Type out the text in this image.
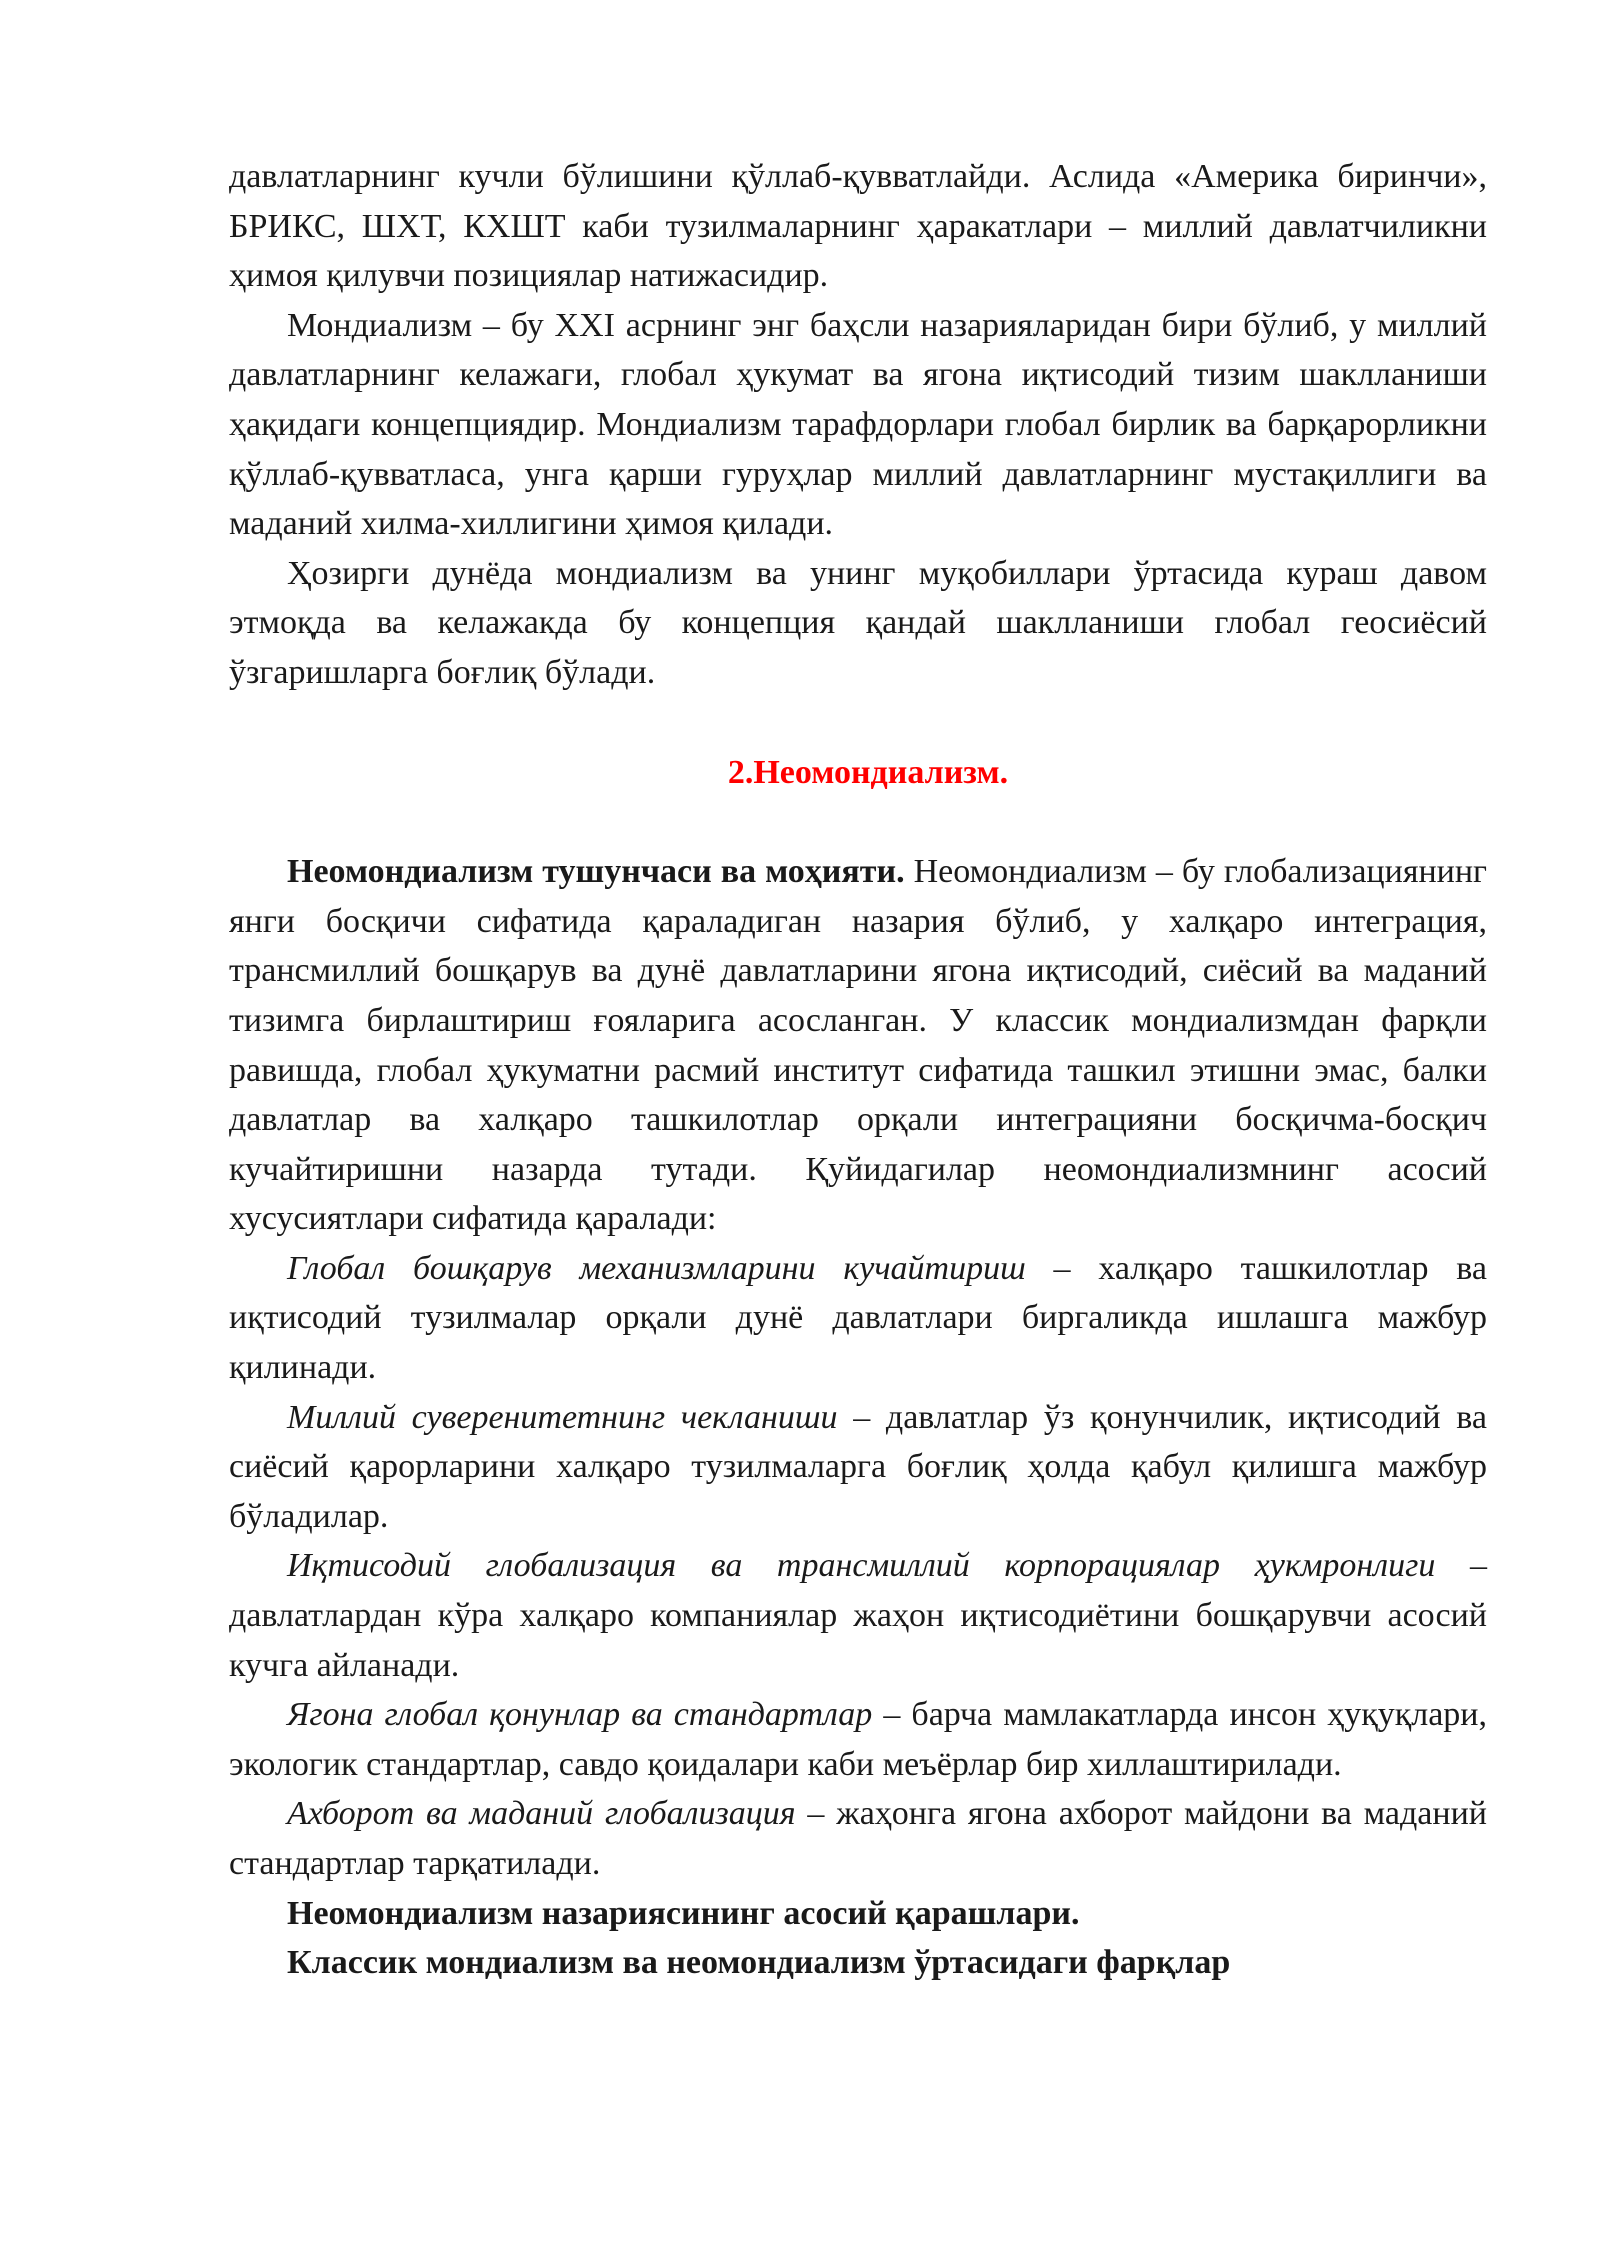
давлатларнинг кучли бўлишини қўллаб-қувватлайди. Аслида «Америка биринчи», БРИКС, ШХТ, КХШТ каби тузилмаларнинг ҳаракатлари – миллий давлатчиликни ҳимоя қилувчи позициялар натижасидир.

Мондиализм – бу XXI асрнинг энг баҳсли назарияларидан бири бўлиб, у миллий давлатларнинг келажаги, глобал ҳукумат ва ягона иқтисодий тизим шаклланиши ҳақидаги концепциядир. Мондиализм тарафдорлари глобал бирлик ва барқарорликни қўллаб-қувватласа, унга қарши гуруҳлар миллий давлатларнинг мустақиллиги ва маданий хилма-хиллигини ҳимоя қилади.

Ҳозирги дунёда мондиализм ва унинг муқобиллари ўртасида кураш давом этмоқда ва келажакда бу концепция қандай шаклланиши глобал геосиёсий ўзгаришларга боғлиқ бўлади.

2.Неомондиализм.

Неомондиализм тушунчаси ва моҳияти. Неомондиализм – бу глобализациянинг янги босқичи сифатида қараладиган назария бўлиб, у халқаро интеграция, трансмиллий бошқарув ва дунё давлатларини ягона иқтисодий, сиёсий ва маданий тизимга бирлаштириш ғояларига асосланган. У классик мондиализмдан фарқли равишда, глобал ҳукуматни расмий институт сифатида ташкил этишни эмас, балки давлатлар ва халқаро ташкилотлар орқали интеграцияни босқичма-босқич кучайтиришни назарда тутади. Қуйидагилар неомондиализмнинг асосий хусусиятлари сифатида қаралади:

Глобал бошқарув механизмларини кучайтириш – халқаро ташкилотлар ва иқтисодий тузилмалар орқали дунё давлатлари биргаликда ишлашга мажбур қилинади.

Миллий суверенитетнинг чекланиши – давлатлар ўз қонунчилик, иқтисодий ва сиёсий қарорларини халқаро тузилмаларга боғлиқ ҳолда қабул қилишга мажбур бўладилар.

Иқтисодий глобализация ва трансмиллий корпорациялар ҳукмронлиги – давлатлардан кўра халқаро компаниялар жаҳон иқтисодиётини бошқарувчи асосий кучга айланади.

Ягона глобал қонунлар ва стандартлар – барча мамлакатларда инсон ҳуқуқлари, экологик стандартлар, савдо қоидалари каби меъёрлар бир хиллаштирилади.

Ахборот ва маданий глобализация – жаҳонга ягона ахборот майдони ва маданий стандартлар тарқатилади.

Неомондиализм назариясининг асосий қарашлари.

Классик мондиализм ва неомондиализм ўртасидаги фарқлар
